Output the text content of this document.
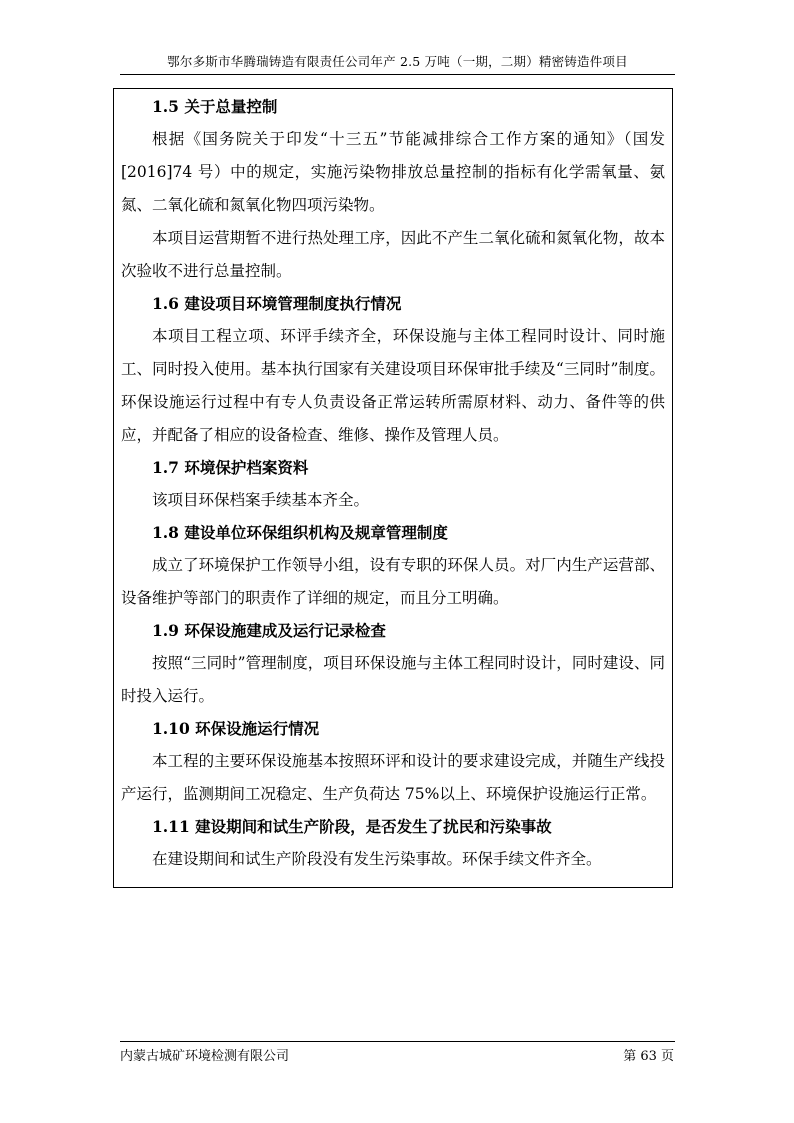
鄂尔多斯市华腾瑞铸造有限责任公司年产 2.5 万吨（一期，二期）精密铸造件项目

1.5 关于总量控制

根据《国务院关于印发“十三五”节能减排综合工作方案的通知》（国发[2016]74 号）中的规定，实施污染物排放总量控制的指标有化学需氧量、氨氮、二氧化硫和氮氧化物四项污染物。

本项目运营期暂不进行热处理工序，因此不产生二氧化硫和氮氧化物，故本次验收不进行总量控制。

1.6 建设项目环境管理制度执行情况

本项目工程立项、环评手续齐全，环保设施与主体工程同时设计、同时施工、同时投入使用。基本执行国家有关建设项目环保审批手续及“三同时”制度。环保设施运行过程中有专人负责设备正常运转所需原材料、动力、备件等的供应，并配备了相应的设备检查、维修、操作及管理人员。

1.7 环境保护档案资料

该项目环保档案手续基本齐全。

1.8 建设单位环保组织机构及规章管理制度

成立了环境保护工作领导小组，设有专职的环保人员。对厂内生产运营部、设备维护等部门的职责作了详细的规定，而且分工明确。

1.9 环保设施建成及运行记录检查

按照“三同时”管理制度，项目环保设施与主体工程同时设计，同时建设、同时投入运行。

1.10 环保设施运行情况

本工程的主要环保设施基本按照环评和设计的要求建设完成，并随生产线投产运行，监测期间工况稳定、生产负荷达 75%以上、环境保护设施运行正常。

1.11 建设期间和试生产阶段，是否发生了扰民和污染事故

在建设期间和试生产阶段没有发生污染事故。环保手续文件齐全。

内蒙古城矿环境检测有限公司	第 63 页
